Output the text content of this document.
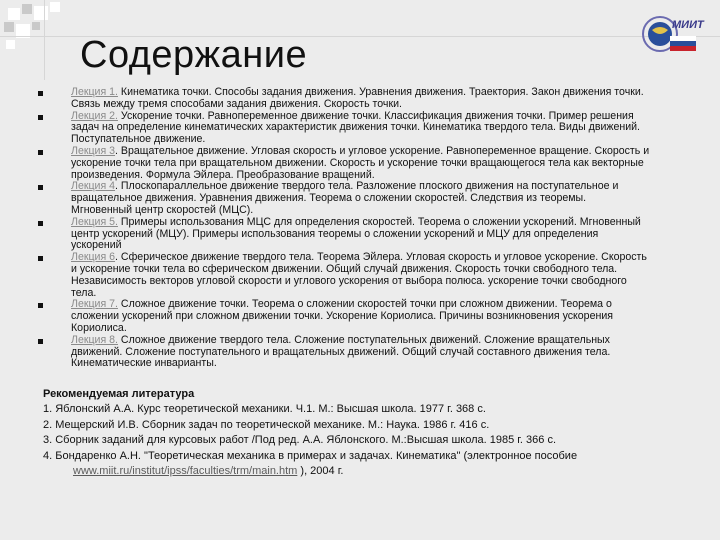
МИИТ
Содержание
Лекция 1. Кинематика точки. Способы задания движения. Уравнения движения. Траектория. Закон движения точки. Связь между тремя способами задания движения. Скорость точки.
Лекция 2. Ускорение точки. Равнопеременное движение точки. Классификация движения точки. Пример решения задач на определение кинематических характеристик движения точки. Кинематика твердого тела. Виды движений. Поступательное движение.
Лекция 3. Вращательное движение. Угловая скорость и угловое ускорение. Равнопеременное вращение. Скорость и ускорение точки тела при вращательном движении. Скорость и ускорение точки вращающегося тела как векторные произведения. Формула Эйлера. Преобразование вращений.
Лекция 4. Плоскопараллельное движение твердого тела. Разложение плоского движения на поступательное и вращательное движения. Уравнения движения. Теорема о сложении скоростей. Следствия из теоремы. Мгновенный центр скоростей (МЦС).
Лекция 5. Примеры использования МЦС для определения скоростей. Теорема о сложении ускорений. Мгновенный центр ускорений (МЦУ). Примеры использования теоремы о сложении ускорений и МЦУ для определения ускорений
Лекция 6. Сферическое движение твердого тела. Теорема Эйлера. Угловая скорость и угловое ускорение. Скорость и ускорение точки тела во сферическом движении. Общий случай движения. Скорость точки свободного тела. Независимость векторов угловой скорости и углового ускорения от выбора полюса. ускорение точки свободного тела.
Лекция 7. Сложное движение точки. Теорема о сложении скоростей точки при сложном движении. Теорема о сложении ускорений при сложном движении точки. Ускорение Кориолиса. Причины возникновения ускорения Кориолиса.
Лекция 8. Сложное движение твердого тела. Сложение поступательных движений. Сложение вращательных движений. Сложение поступательного и вращательных движений. Общий случай составного движения тела. Кинематические инварианты.
Рекомендуемая литература
1. Яблонский А.А. Курс теоретической механики. Ч.1. М.: Высшая школа. 1977 г. 368 с.
2. Мещерский И.В. Сборник задач по теоретической механике. М.: Наука. 1986 г. 416 с.
3. Сборник заданий для курсовых работ /Под ред. А.А. Яблонского. М.:Высшая школа. 1985 г. 366 с.
4. Бондаренко А.Н. "Теоретическая механика в примерах и задачах. Кинематика" (электронное пособие
www.miit.ru/institut/ipss/faculties/trm/main.htm ), 2004 г.
